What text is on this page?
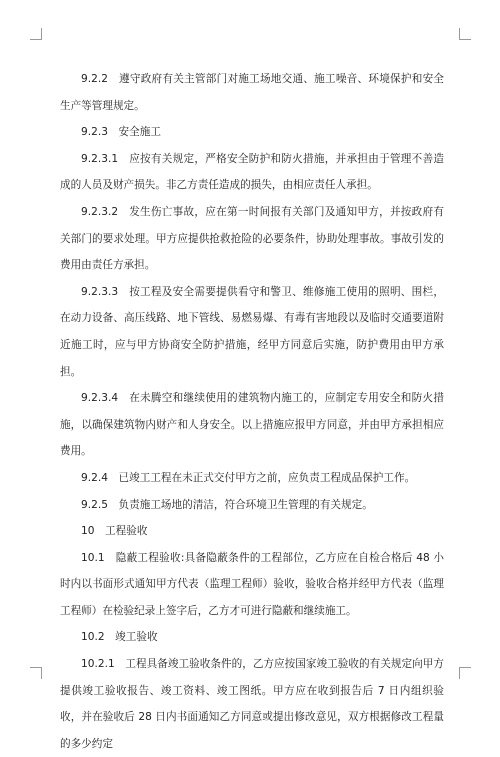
9.2.2　遵守政府有关主管部门对施工场地交通、施工噪音、环境保护和安全生产等管理规定。

9.2.3　安全施工

9.2.3.1　应按有关规定，严格安全防护和防火措施，并承担由于管理不善造成的人员及财产损失。非乙方责任造成的损失，由相应责任人承担。

9.2.3.2　发生伤亡事故，应在第一时间报有关部门及通知甲方，并按政府有关部门的要求处理。甲方应提供抢救抢险的必要条件，协助处理事故。事故引发的费用由责任方承担。

9.2.3.3　按工程及安全需要提供看守和警卫、维修施工使用的照明、围栏，在动力设备、高压线路、地下管线、易燃易爆、有毒有害地段以及临时交通要道附近施工时，应与甲方协商安全防护措施，经甲方同意后实施，防护费用由甲方承担。

9.2.3.4　在未腾空和继续使用的建筑物内施工的，应制定专用安全和防火措施，以确保建筑物内财产和人身安全。以上措施应报甲方同意，并由甲方承担相应费用。

9.2.4　已竣工工程在未正式交付甲方之前，应负责工程成品保护工作。

9.2.5　负责施工场地的清洁，符合环境卫生管理的有关规定。

10　工程验收

10.1　隐蔽工程验收:具备隐蔽条件的工程部位，乙方应在自检合格后 48 小时内以书面形式通知甲方代表（监理工程师）验收，验收合格并经甲方代表（监理工程师）在检验纪录上签字后，乙方才可进行隐蔽和继续施工。

10.2　竣工验收

10.2.1　工程具备竣工验收条件的，乙方应按国家竣工验收的有关规定向甲方提供竣工验收报告、竣工资料、竣工图纸。甲方应在收到报告后 7 日内组织验收，并在验收后 28 日内书面通知乙方同意或提出修改意见，双方根据修改工程量的多少约定
